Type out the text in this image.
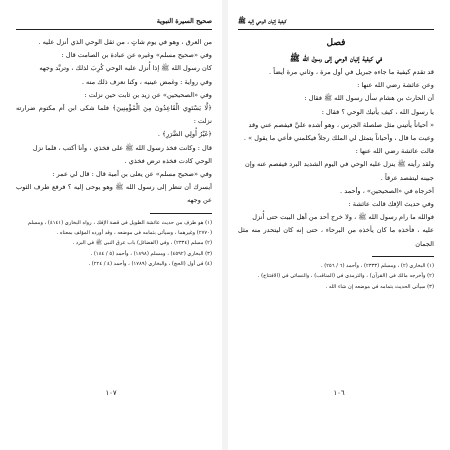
صحيح السيرة النبوية

من العرق ، وهو في يوم شاتٍ ، من ثقل الوحي الذي أنزل عليه .

وفي «صحيح مسلم» وغيره عن عبادة بن الصامت قال :

كان رسول الله ﷺ إذا أُنزل عليه الوحي كُرِبَ لذلك ، وتربَّد وجهه

وفي رواية : وغمض عينيه ، وكنا نعرف ذلك منه .

وفي «الصحيحين» عن زيد بن ثابت حين نزلت :

﴿لَّا يَسْتَوِي الْقَاعِدُونَ مِنَ الْمُؤْمِنِينَ﴾ فلما شكى ابن أم مكتوم ضرارته نزلت :

﴿غَيْرُ أُولِي الضَّرَرِ﴾ .

قال : وكانت فخذ رسول الله ﷺ على فخذي ، وأنا أكتب ، فلما نزل

الوحي كادت فخذه ترض فخذي .

وفي «صحيح مسلم» عن يعلى بن أمية قال : قال لي عمر :

أيسرك أن تنظر إلى رسول الله ﷺ وهو يوحى إليه ؟ فرفع طرف الثوب عن وجهه

(١) هو طرف من حديث عائشة الطويل في قصة الإفك ، رواه البخاري (٤١٤١) ، ومسلم

(٢٧٧٠) وغيرهما ، وسيأتي بتمامه في موضعه ، وقد أورده المؤلف بمعناه .

(٢) مسلم (٢٣٣٤) ، وفي (الفضائل) باب عرق النبي ﷺ في البرد .

(٣) البخاري (٤٥٩٢) ، ومسلم (١٨٩٨) ، وأحمد (٥ / ١٨٤) .

(٤) في أول (الحج) ، والبخاري (١٧٨٩) ، وأحمد (٤ / ٢٢٤) .

١٠٧
كيفية إتيان الوحي إليه ﷺ

فصل

في كيفية إتيان الوحي إلى رسول الله ﷺ

قد تقدم كيفية ما جاءه جبريل في أول مرة ، وثاني مرة أيضاً .

وعن عائشة رضي الله عنها :

أن الحارث بن هشام سأل رسول الله ﷺ فقال :

يا رسول الله ، كيف يأتيك الوحي ؟ فقال :

« أحياناً يأتيني مثل صلصلة الجرس ، وهو أشده عليَّ فيفصم عني وقد

وعيت ما قال ، وأحياناً يتمثل لي الملك رجلاً فيكلمني فأعي ما يقول » .

قالت عائشة رضي الله عنها :

ولقد رأيته ﷺ ينزل عليه الوحي في اليوم الشديد البرد فيفصم عنه وإن

جبينه ليتفصد عرقاً .

أخرجاه في «الصحيحين» ، وأحمد .

وفي حديث الإفك قالت عائشة :

فوالله ما رام رسول الله ﷺ ، ولا خرج أحد من أهل البيت حتى أُنزل

عليه ، فأخذه ما كان يأخذه من البرحاء ، حتى إنه كان ليتحدر منه مثل الجمان

(١) البخاري (٢) ، ومسلم (٢٣٣٣) ، وأحمد (٦ / ٢٥٦) .

(٢) وأخرجه مالك في (القرآن) ، والترمذي في (المناقب) ، والنسائي في (الافتتاح) .

(٣) سيأتي الحديث بتمامه في موضعه إن شاء الله .

١٠٦
